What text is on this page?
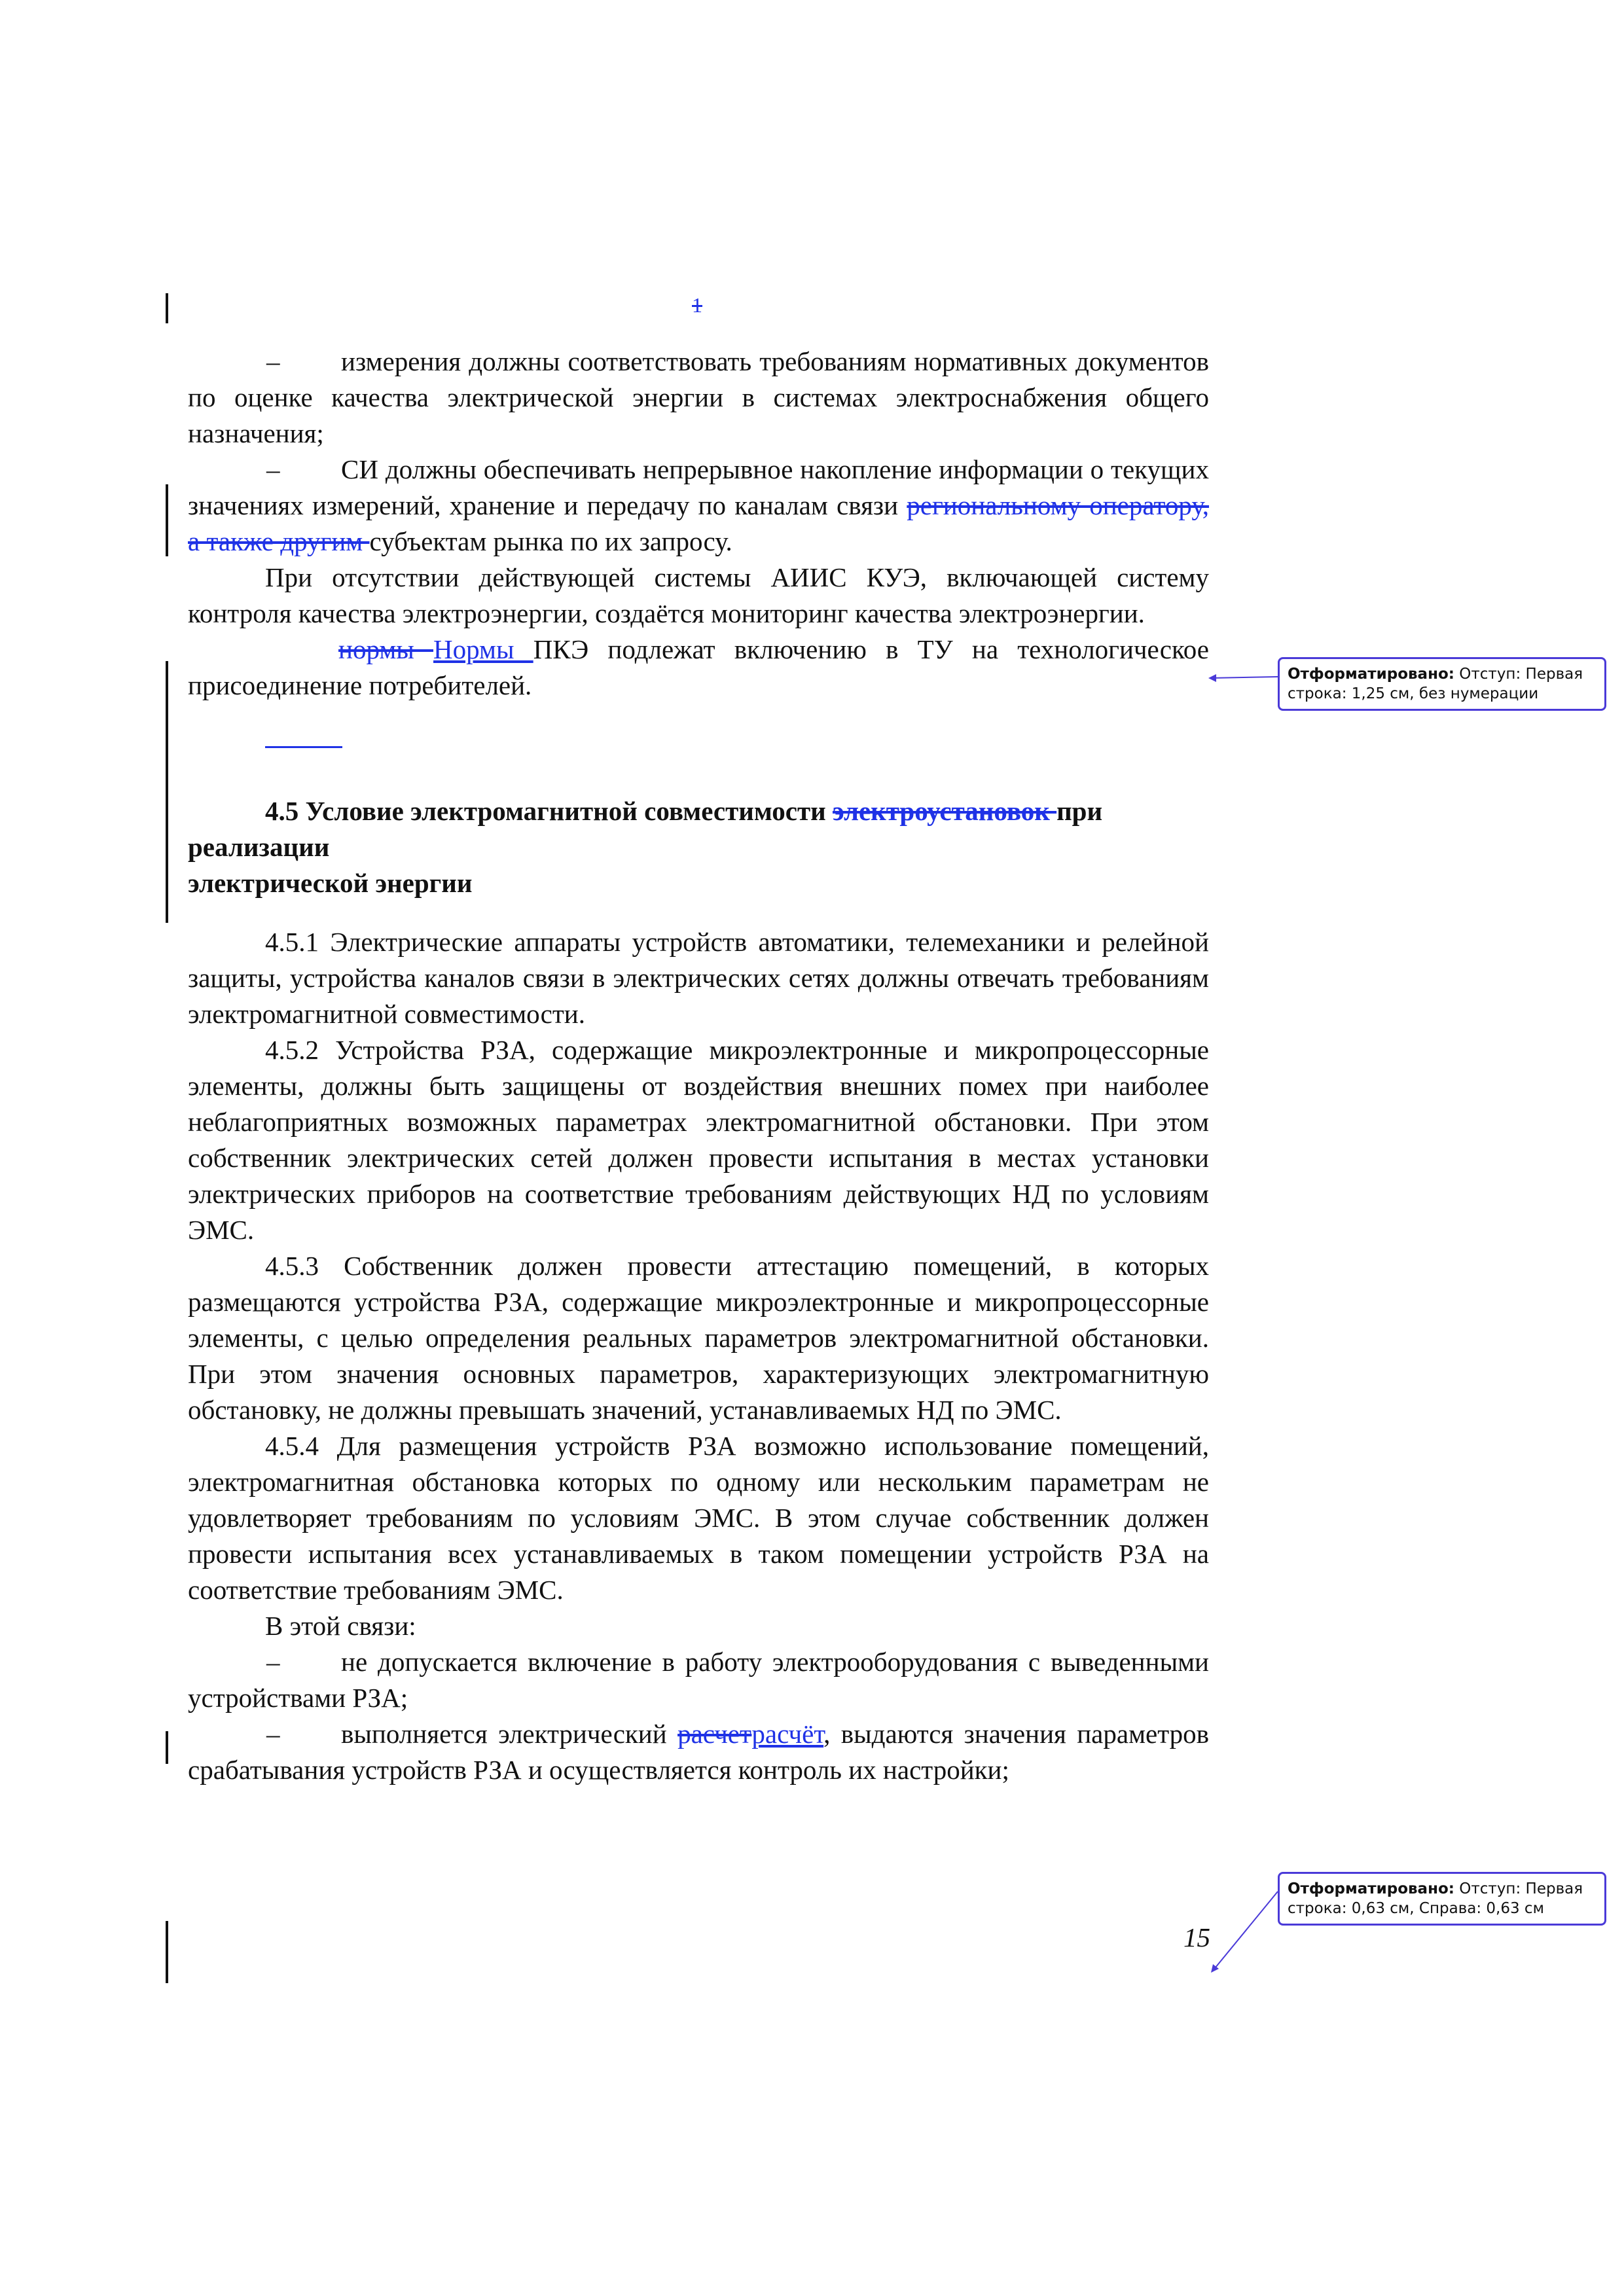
1

– измерения должны соответствовать требованиям нормативных документов по оценке качества электрической энергии в системах электроснабжения общего назначения;

– СИ должны обеспечивать непрерывное накопление информации о текущих значениях измерений, хранение и передачу по каналам связи региональному оператору, а также другим субъектам рынка по их запросу.

При отсутствии действующей системы АИИС КУЭ, включающей систему контроля качества электроэнергии, создаётся мониторинг качества электроэнергии.

нормы Нормы ПКЭ подлежат включению в ТУ на технологическое присоединение потребителей.

4.5 Условие электромагнитной совместимости электроустановок при реализации

электрической энергии

4.5.1 Электрические аппараты устройств автоматики, телемеханики и релейной защиты, устройства каналов связи в электрических сетях должны отвечать требованиям электромагнитной совместимости.

4.5.2 Устройства РЗА, содержащие микроэлектронные и микропроцессорные элементы, должны быть защищены от воздействия внешних помех при наиболее неблагоприятных возможных параметрах электромагнитной обстановки. При этом собственник электрических сетей должен провести испытания в местах установки электрических приборов на соответствие требованиям действующих НД по условиям ЭМС.

4.5.3 Собственник должен провести аттестацию помещений, в которых размещаются устройства РЗА, содержащие микроэлектронные и микропроцессорные элементы, с целью определения реальных параметров электромагнитной обстановки. При этом значения основных параметров, характеризующих электромагнитную обстановку, не должны превышать значений, устанавливаемых НД по ЭМС.

4.5.4 Для размещения устройств РЗА возможно использование помещений, электромагнитная обстановка которых по одному или нескольким параметрам не удовлетворяет требованиям по условиям ЭМС. В этом случае собственник должен провести испытания всех устанавливаемых в таком помещении устройств РЗА на соответствие требованиям ЭМС.

В этой связи:

– не допускается включение в работу электрооборудования с выведенными устройствами РЗА;

– выполняется электрический расчетрасчёт, выдаются значения параметров срабатывания устройств РЗА и осуществляется контроль их настройки;

15
Отформатировано: Отступ: Первая строка: 1,25 см, без нумерации
Отформатировано: Отступ: Первая строка: 0,63 см, Справа: 0,63 см
